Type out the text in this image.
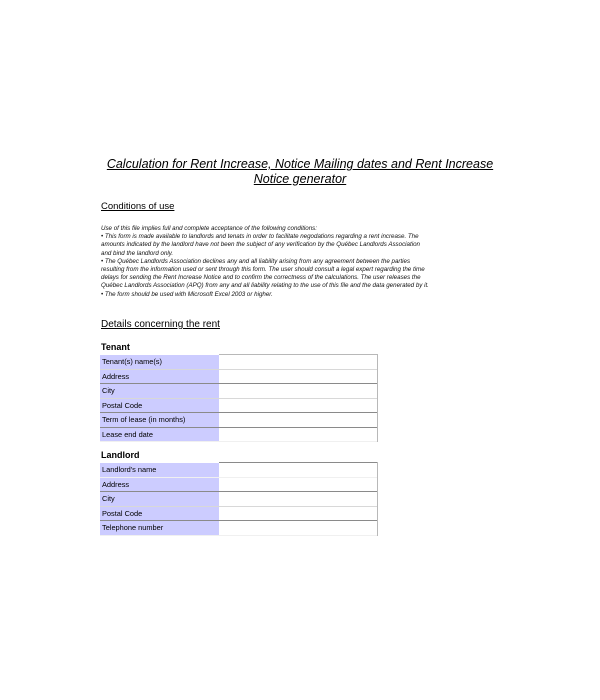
Calculation for Rent Increase, Notice Mailing dates and Rent Increase Notice generator
Conditions of use
Use of this file implies full and complete acceptance of the following conditions:
• This form is made available to landlords and tenats in order to facilitate negodations regarding a rent increase. The amounts indicated by the landlord have not been the subject of any verification by the Québec Landlords Association and bind the landlord only.
• The Québec Landlords Association declines any and all liability arising from any agreement between the parties resulting from the information used or sent through this form. The user should consult a legal expert regarding the time delays for sending the Rent Increase Notice and to confirm the correctness of the calculations. The user releases the Québec Landlords Association (APQ) from any and all liability relating to the use of this file and the data generated by it.
• The form should be used with Microsoft Excel 2003 or higher.
Details concerning the rent
Tenant
Tenant(s) name(s)	
Address	
City	
Postal Code	
Term of lease (in months)	
Lease end date	
Landlord
Landlord's name	
Address	
City	
Postal Code	
Telephone number	
